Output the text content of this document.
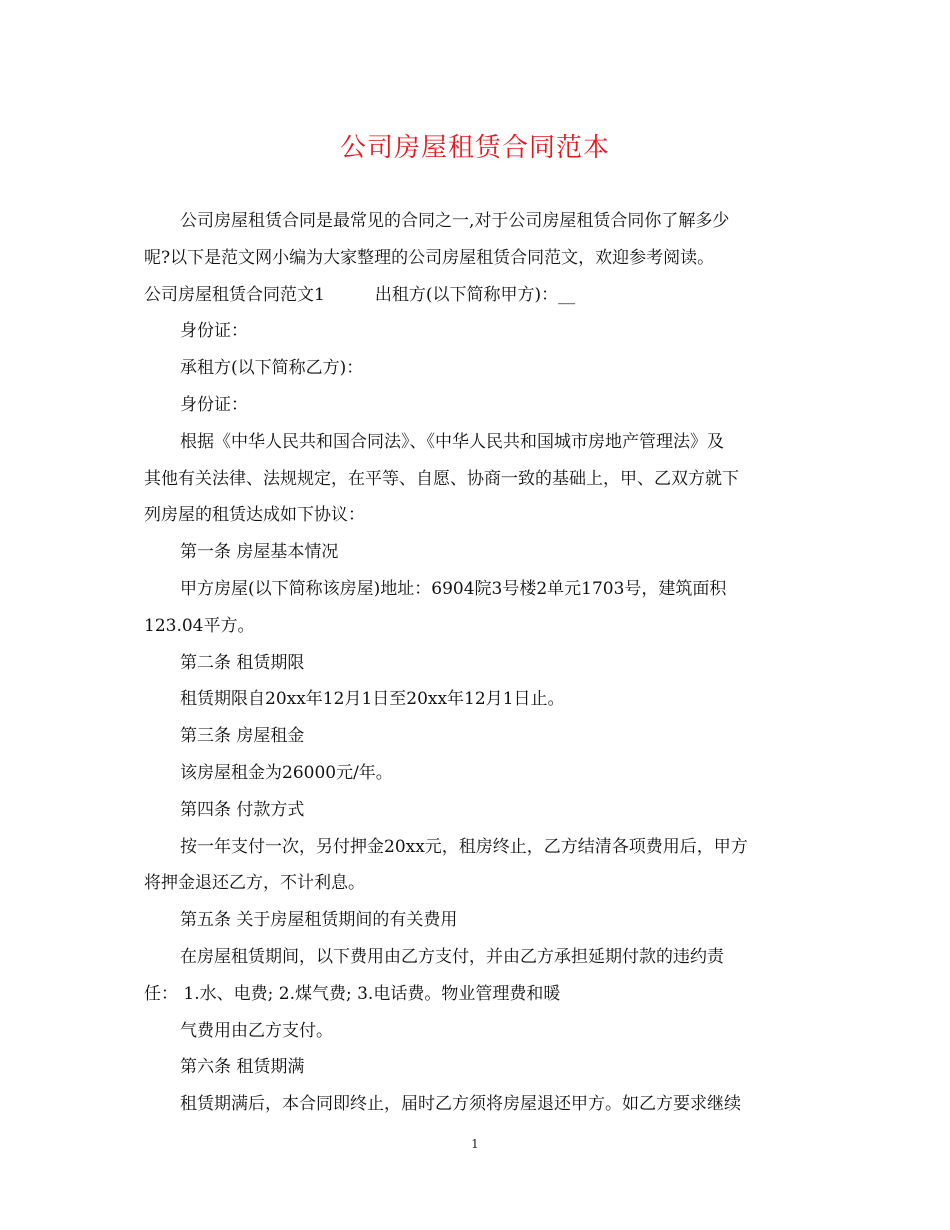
公司房屋租赁合同范本
公司房屋租赁合同是最常见的合同之一,对于公司房屋租赁合同你了解多少
呢?以下是范文网小编为大家整理的公司房屋租赁合同范文，欢迎参考阅读。
公司房屋租赁合同范文1	出租方(以下简称甲方)：__
身份证：
承租方(以下简称乙方)：
身份证：
根据《中华人民共和国合同法》、《中华人民共和国城市房地产管理法》及
其他有关法律、法规规定，在平等、自愿、协商一致的基础上，甲、乙双方就下
列房屋的租赁达成如下协议：
第一条 房屋基本情况
甲方房屋(以下简称该房屋)地址：6904院3号楼2单元1703号，建筑面积
123.04平方。
第二条 租赁期限
租赁期限自20xx年12月1日至20xx年12月1日止。
第三条 房屋租金
该房屋租金为26000元/年。
第四条 付款方式
按一年支付一次，另付押金20xx元，租房终止，乙方结清各项费用后，甲方
将押金退还乙方，不计利息。
第五条 关于房屋租赁期间的有关费用
在房屋租赁期间，以下费用由乙方支付，并由乙方承担延期付款的违约责
任： 1.水、电费; 2.煤气费; 3.电话费。物业管理费和暖
气费用由乙方支付。
第六条 租赁期满
租赁期满后，本合同即终止，届时乙方须将房屋退还甲方。如乙方要求继续
1
